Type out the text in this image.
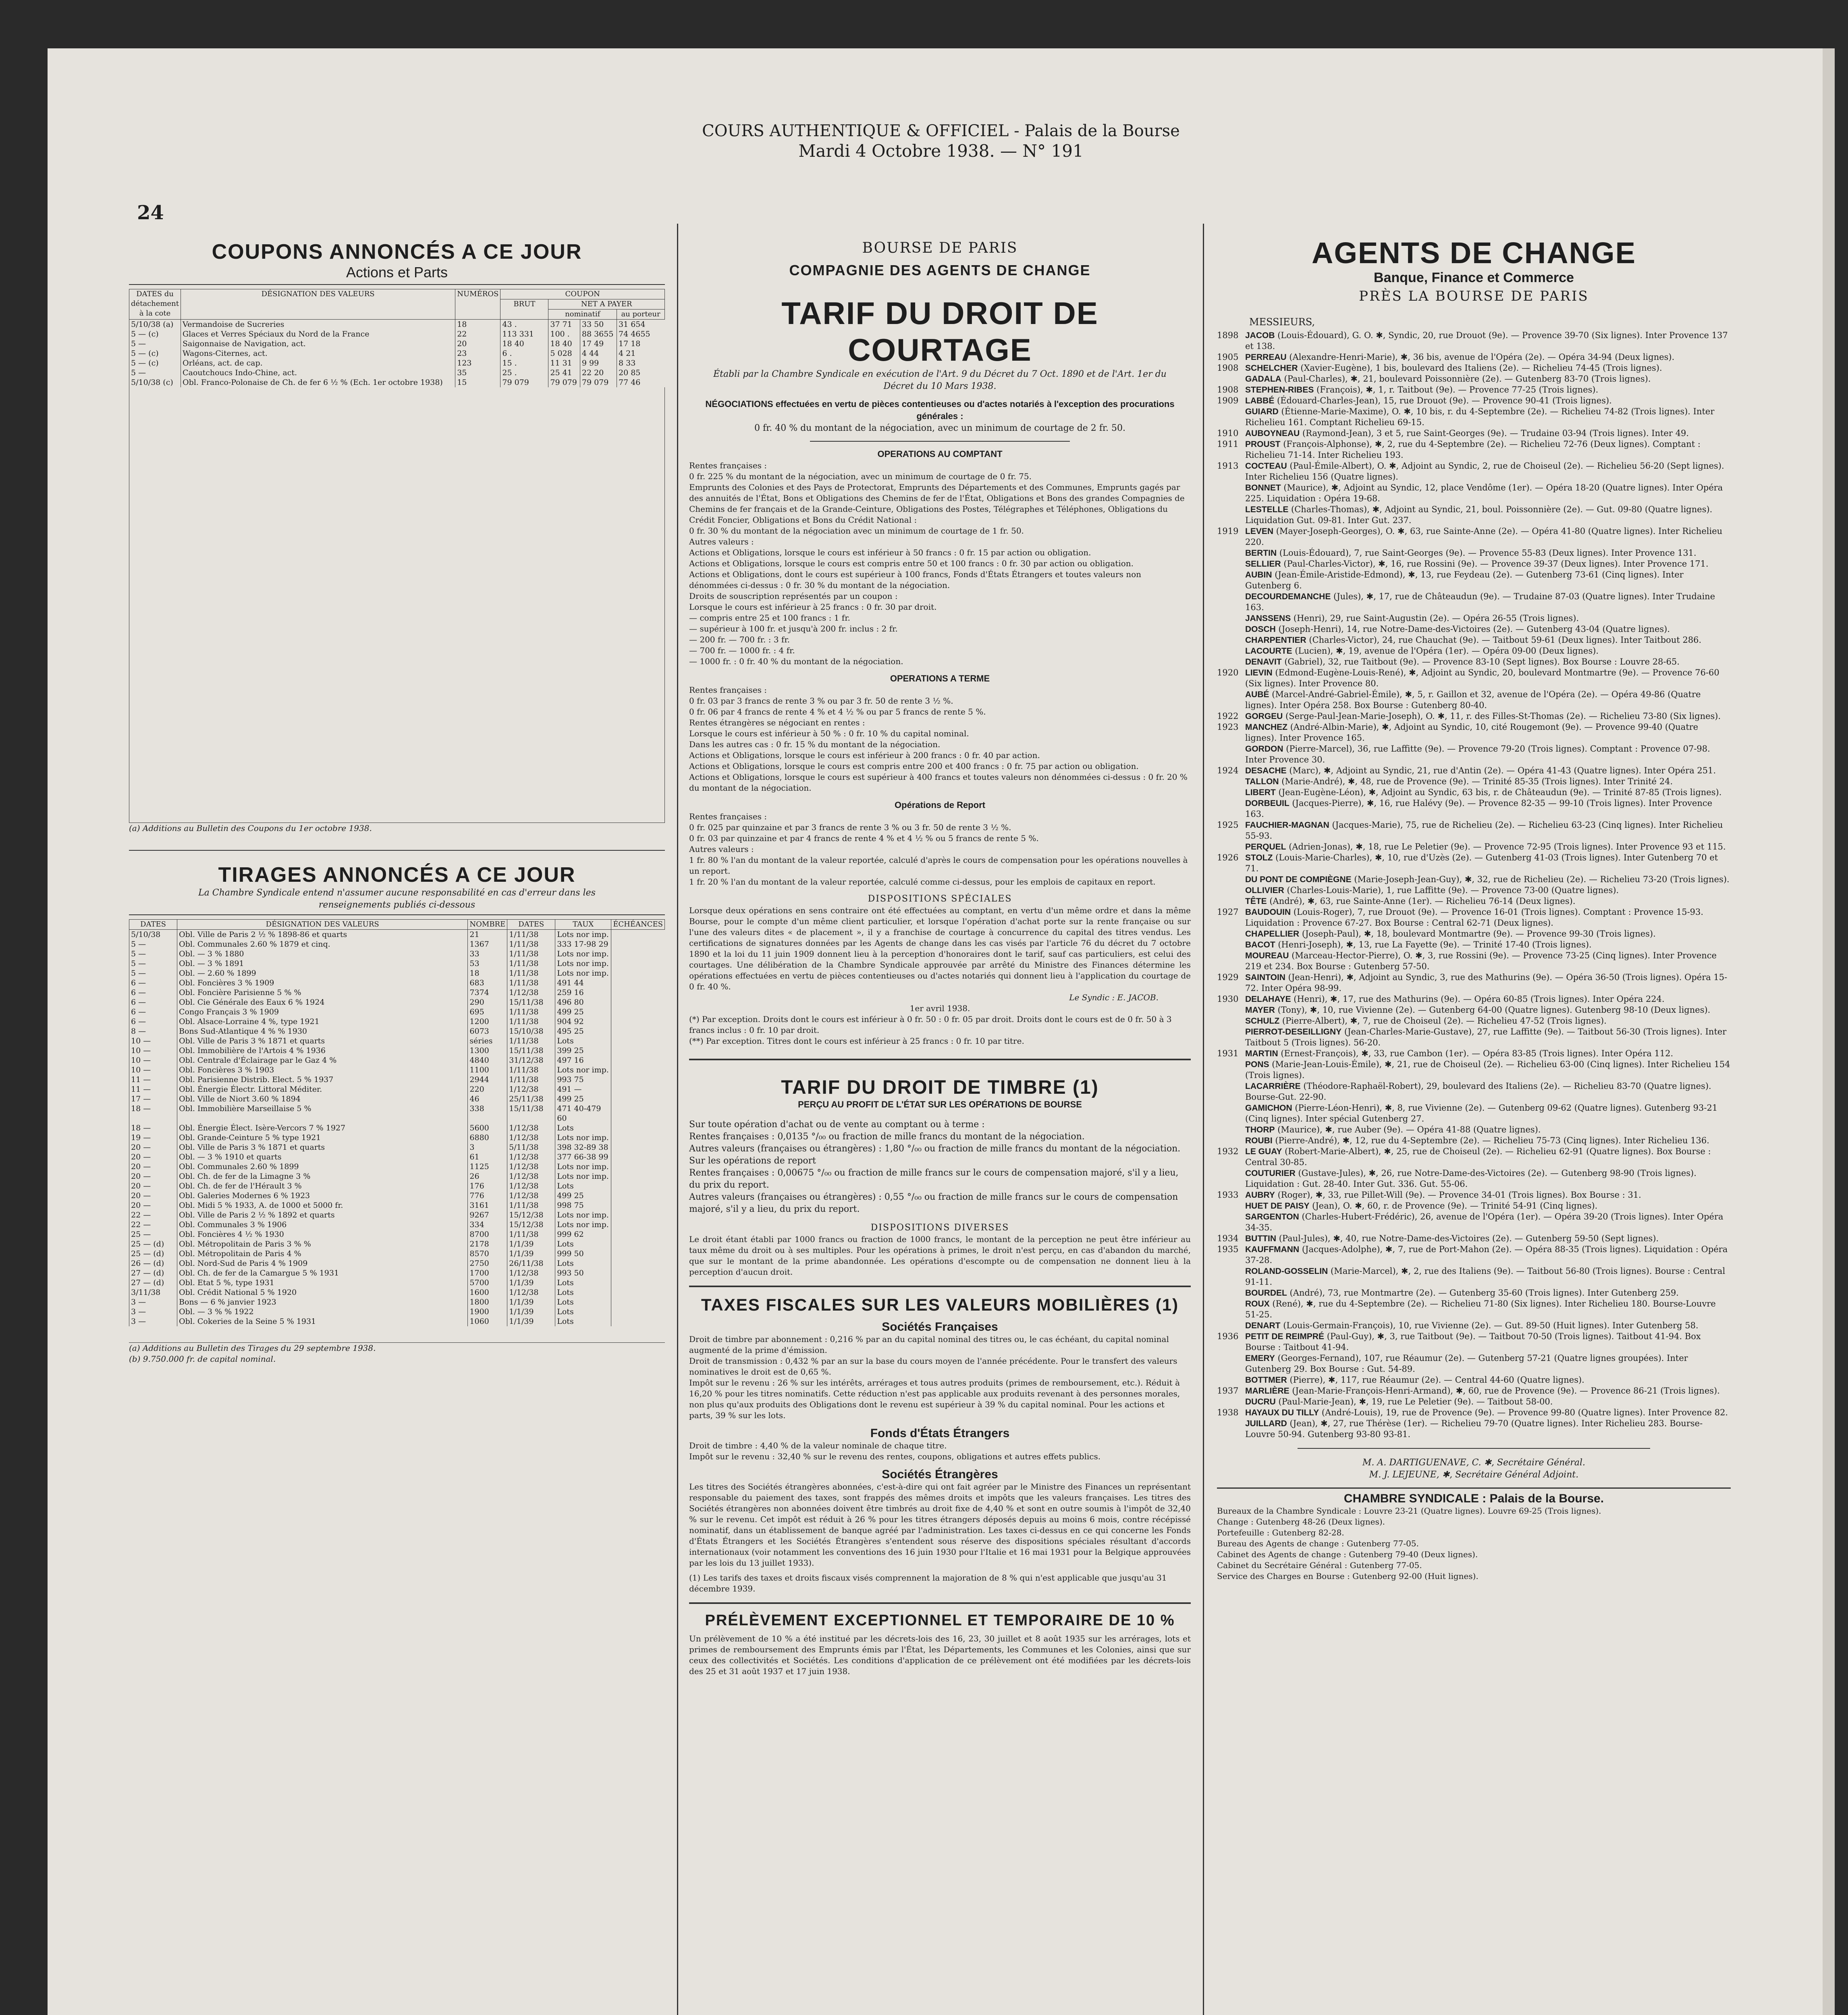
COURS AUTHENTIQUE & OFFICIEL - Palais de la Bourse
Mardi 4 Octobre 1938. — N° 191
24
COUPONS ANNONCÉS A CE JOUR
Actions et Parts
DATES du détachement à la cote	DÉSIGNATION DES VALEURS	NUMÉROS	COUPON			
			BRUT	NET A PAYER		
				nominatif		au porteur
5/10/38 (a)	Vermandoise de Sucreries	18	43 .	37 71	33 50	31 654
5 — (c)	Glaces et Verres Spéciaux du Nord de la France	22	113 331	100 .	88 3655	74 4655
5 —	Saigonnaise de Navigation, act.	20	18 40	18 40	17 49	17 18
5 — (c)	Wagons-Citernes, act.	23	6 .	5 028	4 44	4 21
5 — (c)	Orléans, act. de cap.	123	15 .	11 31	9 99	8 33
5 —	Caoutchoucs Indo-Chine, act.	35	25 .	25 41	22 20	20 85
5/10/38 (c)	Obl. Franco-Polonaise de Ch. de fer 6 ½ % (Ech. 1er octobre 1938)	15	79 079	79 079	79 079	77 46
(a) Additions au Bulletin des Coupons du 1er octobre 1938.
TIRAGES ANNONCÉS A CE JOUR
La Chambre Syndicale entend n'assumer aucune responsabilité en cas d'erreur dans les renseignements publiés ci-dessous
DATES	DÉSIGNATION DES VALEURS	NOMBRE	DATES	TAUX	ÉCHÉANCES
5/10/38	Obl. Ville de Paris 2 ½ % 1898-86 et quarts	21	1/11/38	Lots nor imp.	
5 —	Obl. Communales 2.60 % 1879 et cinq.	1367	1/11/38	333 17-98 29	
5 —	Obl. — 3 % 1880	33	1/11/38	Lots nor imp.	
5 —	Obl. — 3 % 1891	53	1/11/38	Lots nor imp.	
5 —	Obl. — 2.60 % 1899	18	1/11/38	Lots nor imp.	
6 —	Obl. Foncières 3 % 1909	683	1/11/38	491 44	
6 —	Obl. Foncière Parisienne 5 % %	7374	1/12/38	259 16	
6 —	Obl. Cie Générale des Eaux 6 % 1924	290	15/11/38	496 80	
6 —	Congo Français 3 % 1909	695	1/11/38	499 25	
6 —	Obl. Alsace-Lorraine 4 %, type 1921	1200	1/11/38	904 92	
8 —	Bons Sud-Atlantique 4 % % 1930	6073	15/10/38	495 25	
10 —	Obl. Ville de Paris 3 % 1871 et quarts	séries	1/11/38	Lots	
10 —	Obl. Immobilière de l'Artois 4 % 1936	1300	15/11/38	399 25	
10 —	Obl. Centrale d'Éclairage par le Gaz 4 %	4840	31/12/38	497 16	
10 —	Obl. Foncières 3 % 1903	1100	1/11/38	Lots nor imp.	
11 —	Obl. Parisienne Distrib. Elect. 5 % 1937	2944	1/11/38	993 75	
11 —	Obl. Énergie Électr. Littoral Méditer.	220	1/12/38	491 —	
17 —	Obl. Ville de Niort 3.60 % 1894	46	25/11/38	499 25	
18 —	Obl. Immobilière Marseillaise 5 %	338	15/11/38	471 40-479 60	
18 —	Obl. Énergie Élect. Isère-Vercors 7 % 1927	5600	1/12/38	Lots	
19 —	Obl. Grande-Ceinture 5 % type 1921	6880	1/12/38	Lots nor imp.	
20 —	Obl. Ville de Paris 3 % 1871 et quarts	3	5/11/38	398 32-89 38	
20 —	Obl. — 3 % 1910 et quarts	61	1/12/38	377 66-38 99	
20 —	Obl. Communales 2.60 % 1899	1125	1/12/38	Lots nor imp.	
20 —	Obl. Ch. de fer de la Limagne 3 %	26	1/12/38	Lots nor imp.	
20 —	Obl. Ch. de fer de l'Hérault 3 %	176	1/12/38	Lots	
20 —	Obl. Galeries Modernes 6 % 1923	776	1/12/38	499 25	
20 —	Obl. Midi 5 % 1933, A. de 1000 et 5000 fr.	3161	1/11/38	998 75	
22 —	Obl. Ville de Paris 2 ½ % 1892 et quarts	9267	15/12/38	Lots nor imp.	
22 —	Obl. Communales 3 % 1906	334	15/12/38	Lots nor imp.	
25 —	Obl. Foncières 4 ½ % 1930	8700	1/11/38	999 62	
25 — (d)	Obl. Métropolitain de Paris 3 % %	2178	1/1/39	Lots	
25 — (d)	Obl. Métropolitain de Paris 4 %	8570	1/1/39	999 50	
26 — (d)	Obl. Nord-Sud de Paris 4 % 1909	2750	26/11/38	Lots	
27 — (d)	Obl. Ch. de fer de la Camargue 5 % 1931	1700	1/12/38	993 50	
27 — (d)	Obl. Etat 5 %, type 1931	5700	1/1/39	Lots	
3/11/38	Obl. Crédit National 5 % 1920	1600	1/12/38	Lots	
3 —	Bons — 6 % janvier 1923	1800	1/1/39	Lots	
3 —	Obl. — 3 % % 1922	1900	1/1/39	Lots	
3 —	Obl. Cokeries de la Seine 5 % 1931	1060	1/1/39	Lots	
(a) Additions au Bulletin des Tirages du 29 septembre 1938.
(b) 9.750.000 fr. de capital nominal.
BOURSE DE PARIS
COMPAGNIE DES AGENTS DE CHANGE
TARIF DU DROIT DE COURTAGE
Établi par la Chambre Syndicale en exécution de l'Art. 9 du Décret du 7 Oct. 1890 et de l'Art. 1er du Décret du 10 Mars 1938.
NÉGOCIATIONS effectuées en vertu de pièces contentieuses ou d'actes notariés à l'exception des procurations générales :
0 fr. 40 % du montant de la négociation, avec un minimum de courtage de 2 fr. 50.
OPERATIONS AU COMPTANT
Rentes françaises :
0 fr. 225 % du montant de la négociation, avec un minimum de courtage de 0 fr. 75.
Emprunts des Colonies et des Pays de Protectorat, Emprunts des Départements et des Communes, Emprunts gagés par des annuités de l'État, Bons et Obligations des Chemins de fer de l'État, Obligations et Bons des grandes Compagnies de Chemins de fer français et de la Grande-Ceinture, Obligations des Postes, Télégraphes et Téléphones, Obligations du Crédit Foncier, Obligations et Bons du Crédit National :
0 fr. 30 % du montant de la négociation avec un minimum de courtage de 1 fr. 50.
Autres valeurs :
Actions et Obligations, lorsque le cours est inférieur à 50 francs : 0 fr. 15 par action ou obligation.
Actions et Obligations, lorsque le cours est compris entre 50 et 100 francs : 0 fr. 30 par action ou obligation.
Actions et Obligations, dont le cours est supérieur à 100 francs, Fonds d'États Étrangers et toutes valeurs non dénommées ci-dessus : 0 fr. 30 % du montant de la négociation.
Droits de souscription représentés par un coupon :
Lorsque le cours est inférieur à 25 francs : 0 fr. 30 par droit.
— compris entre 25 et 100 francs : 1 fr.
— supérieur à 100 fr. et jusqu'à 200 fr. inclus : 2 fr.
— 200 fr. — 700 fr. : 3 fr.
— 700 fr. — 1000 fr. : 4 fr.
— 1000 fr. : 0 fr. 40 % du montant de la négociation.
OPERATIONS A TERME
Rentes françaises :
0 fr. 03 par 3 francs de rente 3 % ou par 3 fr. 50 de rente 3 ½ %.
0 fr. 06 par 4 francs de rente 4 % et 4 ½ % ou par 5 francs de rente 5 %.
Rentes étrangères se négociant en rentes :
Lorsque le cours est inférieur à 50 % : 0 fr. 10 % du capital nominal.
Dans les autres cas : 0 fr. 15 % du montant de la négociation.
Actions et Obligations, lorsque le cours est inférieur à 200 francs : 0 fr. 40 par action.
Actions et Obligations, lorsque le cours est compris entre 200 et 400 francs : 0 fr. 75 par action ou obligation.
Actions et Obligations, lorsque le cours est supérieur à 400 francs et toutes valeurs non dénommées ci-dessus : 0 fr. 20 % du montant de la négociation.
Opérations de Report
Rentes françaises :
0 fr. 025 par quinzaine et par 3 francs de rente 3 % ou 3 fr. 50 de rente 3 ½ %.
0 fr. 03 par quinzaine et par 4 francs de rente 4 % et 4 ½ % ou 5 francs de rente 5 %.
Autres valeurs :
1 fr. 80 % l'an du montant de la valeur reportée, calculé d'après le cours de compensation pour les opérations nouvelles à un report.
1 fr. 20 % l'an du montant de la valeur reportée, calculé comme ci-dessus, pour les emplois de capitaux en report.
DISPOSITIONS SPÉCIALES
Lorsque deux opérations en sens contraire ont été effectuées au comptant, en vertu d'un même ordre et dans la même Bourse, pour le compte d'un même client particulier, et lorsque l'opération d'achat porte sur la rente française ou sur l'une des valeurs dites « de placement », il y a franchise de courtage à concurrence du capital des titres vendus. Les certifications de signatures données par les Agents de change dans les cas visés par l'article 76 du décret du 7 octobre 1890 et la loi du 11 juin 1909 donnent lieu à la perception d'honoraires dont le tarif, sauf cas particuliers, est celui des courtages. Une délibération de la Chambre Syndicale approuvée par arrêté du Ministre des Finances détermine les opérations effectuées en vertu de pièces contentieuses ou d'actes notariés qui donnent lieu à l'application du courtage de 0 fr. 40 %.
Le Syndic : E. JACOB.
1er avril 1938.
(*) Par exception. Droits dont le cours est inférieur à 0 fr. 50 : 0 fr. 05 par droit. Droits dont le cours est de 0 fr. 50 à 3 francs inclus : 0 fr. 10 par droit.
(**) Par exception. Titres dont le cours est inférieur à 25 francs : 0 fr. 10 par titre.
TARIF DU DROIT DE TIMBRE (1)
PERÇU AU PROFIT DE L'ÉTAT SUR LES OPÉRATIONS DE BOURSE
Sur toute opération d'achat ou de vente au comptant ou à terme :
Rentes françaises : 0,0135 °/₀₀ ou fraction de mille francs du montant de la négociation.
Autres valeurs (françaises ou étrangères) : 1,80 °/₀₀ ou fraction de mille francs du montant de la négociation.
Sur les opérations de report
Rentes françaises : 0,00675 °/₀₀ ou fraction de mille francs sur le cours de compensation majoré, s'il y a lieu, du prix du report.
Autres valeurs (françaises ou étrangères) : 0,55 °/₀₀ ou fraction de mille francs sur le cours de compensation majoré, s'il y a lieu, du prix du report.
DISPOSITIONS DIVERSES
Le droit étant établi par 1000 francs ou fraction de 1000 francs, le montant de la perception ne peut être inférieur au taux même du droit ou à ses multiples. Pour les opérations à primes, le droit n'est perçu, en cas d'abandon du marché, que sur le montant de la prime abandonnée. Les opérations d'escompte ou de compensation ne donnent lieu à la perception d'aucun droit.
TAXES FISCALES SUR LES VALEURS MOBILIÈRES (1)
Sociétés Françaises
Droit de timbre par abonnement : 0,216 % par an du capital nominal des titres ou, le cas échéant, du capital nominal augmenté de la prime d'émission.
Droit de transmission : 0,432 % par an sur la base du cours moyen de l'année précédente. Pour le transfert des valeurs nominatives le droit est de 0,65 %.
Impôt sur le revenu : 26 % sur les intérêts, arrérages et tous autres produits (primes de remboursement, etc.). Réduit à 16,20 % pour les titres nominatifs. Cette réduction n'est pas applicable aux produits revenant à des personnes morales, non plus qu'aux produits des Obligations dont le revenu est supérieur à 39 % du capital nominal. Pour les actions et parts, 39 % sur les lots.
Fonds d'États Étrangers
Droit de timbre : 4,40 % de la valeur nominale de chaque titre.
Impôt sur le revenu : 32,40 % sur le revenu des rentes, coupons, obligations et autres effets publics.
Sociétés Étrangères
Les titres des Sociétés étrangères abonnées, c'est-à-dire qui ont fait agréer par le Ministre des Finances un représentant responsable du paiement des taxes, sont frappés des mêmes droits et impôts que les valeurs françaises. Les titres des Sociétés étrangères non abonnées doivent être timbrés au droit fixe de 4,40 % et sont en outre soumis à l'impôt de 32,40 % sur le revenu. Cet impôt est réduit à 26 % pour les titres étrangers déposés depuis au moins 6 mois, contre récépissé nominatif, dans un établissement de banque agréé par l'administration. Les taxes ci-dessus en ce qui concerne les Fonds d'États Étrangers et les Sociétés Étrangères s'entendent sous réserve des dispositions spéciales résultant d'accords internationaux (voir notamment les conventions des 16 juin 1930 pour l'Italie et 16 mai 1931 pour la Belgique approuvées par les lois du 13 juillet 1933).
(1) Les tarifs des taxes et droits fiscaux visés comprennent la majoration de 8 % qui n'est applicable que jusqu'au 31 décembre 1939.
PRÉLÈVEMENT EXCEPTIONNEL ET TEMPORAIRE DE 10 %
Un prélèvement de 10 % a été institué par les décrets-lois des 16, 23, 30 juillet et 8 août 1935 sur les arrérages, lots et primes de remboursement des Emprunts émis par l'État, les Départements, les Communes et les Colonies, ainsi que sur ceux des collectivités et Sociétés. Les conditions d'application de ce prélèvement ont été modifiées par les décrets-lois des 25 et 31 août 1937 et 17 juin 1938.
AGENTS DE CHANGE
Banque, Finance et Commerce
PRÈS LA BOURSE DE PARIS
MESSIEURS,
1898 JACOB (Louis-Édouard), G. O. ✱, Syndic, 20, rue Drouot (9e). — Provence 39-70 (Six lignes). Inter Provence 137 et 138.
1905 PERREAU (Alexandre-Henri-Marie), ✱, 36 bis, avenue de l'Opéra (2e). — Opéra 34-94 (Deux lignes).
1908 SCHELCHER (Xavier-Eugène), 1 bis, boulevard des Italiens (2e). — Richelieu 74-45 (Trois lignes).
GADALA (Paul-Charles), ✱, 21, boulevard Poissonnière (2e). — Gutenberg 83-70 (Trois lignes).
1908 STEPHEN-RIBES (François), ✱, 1, r. Taitbout (9e). — Provence 77-25 (Trois lignes).
1909 LABBÉ (Édouard-Charles-Jean), 15, rue Drouot (9e). — Provence 90-41 (Trois lignes).
GUIARD (Étienne-Marie-Maxime), O. ✱, 10 bis, r. du 4-Septembre (2e). — Richelieu 74-82 (Trois lignes). Inter Richelieu 161. Comptant Richelieu 69-15.
1910 AUBOYNEAU (Raymond-Jean), 3 et 5, rue Saint-Georges (9e). — Trudaine 03-94 (Trois lignes). Inter 49.
1911 PROUST (François-Alphonse), ✱, 2, rue du 4-Septembre (2e). — Richelieu 72-76 (Deux lignes). Comptant : Richelieu 71-14. Inter Richelieu 193.
1913 COCTEAU (Paul-Émile-Albert), O. ✱, Adjoint au Syndic, 2, rue de Choiseul (2e). — Richelieu 56-20 (Sept lignes). Inter Richelieu 156 (Quatre lignes).
BONNET (Maurice), ✱, Adjoint au Syndic, 12, place Vendôme (1er). — Opéra 18-20 (Quatre lignes). Inter Opéra 225. Liquidation : Opéra 19-68.
LESTELLE (Charles-Thomas), ✱, Adjoint au Syndic, 21, boul. Poissonnière (2e). — Gut. 09-80 (Quatre lignes). Liquidation Gut. 09-81. Inter Gut. 237.
1919 LEVEN (Mayer-Joseph-Georges), O. ✱, 63, rue Sainte-Anne (2e). — Opéra 41-80 (Quatre lignes). Inter Richelieu 220.
BERTIN (Louis-Édouard), 7, rue Saint-Georges (9e). — Provence 55-83 (Deux lignes). Inter Provence 131.
SELLIER (Paul-Charles-Victor), ✱, 16, rue Rossini (9e). — Provence 39-37 (Deux lignes). Inter Provence 171.
AUBIN (Jean-Émile-Aristide-Edmond), ✱, 13, rue Feydeau (2e). — Gutenberg 73-61 (Cinq lignes). Inter Gutenberg 6.
DECOURDEMANCHE (Jules), ✱, 17, rue de Châteaudun (9e). — Trudaine 87-03 (Quatre lignes). Inter Trudaine 163.
JANSSENS (Henri), 29, rue Saint-Augustin (2e). — Opéra 26-55 (Trois lignes).
DOSCH (Joseph-Henri), 14, rue Notre-Dame-des-Victoires (2e). — Gutenberg 43-04 (Quatre lignes).
CHARPENTIER (Charles-Victor), 24, rue Chauchat (9e). — Taitbout 59-61 (Deux lignes). Inter Taitbout 286.
LACOURTE (Lucien), ✱, 19, avenue de l'Opéra (1er). — Opéra 09-00 (Deux lignes).
DENAVIT (Gabriel), 32, rue Taitbout (9e). — Provence 83-10 (Sept lignes). Box Bourse : Louvre 28-65.
1920 LIEVIN (Edmond-Eugène-Louis-René), ✱, Adjoint au Syndic, 20, boulevard Montmartre (9e). — Provence 76-60 (Six lignes). Inter Provence 80.
AUBÉ (Marcel-André-Gabriel-Émile), ✱, 5, r. Gaillon et 32, avenue de l'Opéra (2e). — Opéra 49-86 (Quatre lignes). Inter Opéra 258. Box Bourse : Gutenberg 80-40.
1922 GORGEU (Serge-Paul-Jean-Marie-Joseph), O. ✱, 11, r. des Filles-St-Thomas (2e). — Richelieu 73-80 (Six lignes).
1923 MANCHEZ (André-Albin-Marie), ✱, Adjoint au Syndic, 10, cité Rougemont (9e). — Provence 99-40 (Quatre lignes). Inter Provence 165.
GORDON (Pierre-Marcel), 36, rue Laffitte (9e). — Provence 79-20 (Trois lignes). Comptant : Provence 07-98. Inter Provence 30.
1924 DESACHE (Marc), ✱, Adjoint au Syndic, 21, rue d'Antin (2e). — Opéra 41-43 (Quatre lignes). Inter Opéra 251.
TALLON (Marie-André), ✱, 48, rue de Provence (9e). — Trinité 85-35 (Trois lignes). Inter Trinité 24.
LIBERT (Jean-Eugène-Léon), ✱, Adjoint au Syndic, 63 bis, r. de Châteaudun (9e). — Trinité 87-85 (Trois lignes).
DORBEUIL (Jacques-Pierre), ✱, 16, rue Halévy (9e). — Provence 82-35 — 99-10 (Trois lignes). Inter Provence 163.
1925 FAUCHIER-MAGNAN (Jacques-Marie), 75, rue de Richelieu (2e). — Richelieu 63-23 (Cinq lignes). Inter Richelieu 55-93.
PERQUEL (Adrien-Jonas), ✱, 18, rue Le Peletier (9e). — Provence 72-95 (Trois lignes). Inter Provence 93 et 115.
1926 STOLZ (Louis-Marie-Charles), ✱, 10, rue d'Uzès (2e). — Gutenberg 41-03 (Trois lignes). Inter Gutenberg 70 et 71.
DU PONT DE COMPIÈGNE (Marie-Joseph-Jean-Guy), ✱, 32, rue de Richelieu (2e). — Richelieu 73-20 (Trois lignes).
OLLIVIER (Charles-Louis-Marie), 1, rue Laffitte (9e). — Provence 73-00 (Quatre lignes).
TÊTE (André), ✱, 63, rue Sainte-Anne (1er). — Richelieu 76-14 (Deux lignes).
1927 BAUDOUIN (Louis-Roger), 7, rue Drouot (9e). — Provence 16-01 (Trois lignes). Comptant : Provence 15-93. Liquidation : Provence 67-27. Box Bourse : Central 62-71 (Deux lignes).
CHAPELLIER (Joseph-Paul), ✱, 18, boulevard Montmartre (9e). — Provence 99-30 (Trois lignes).
BACOT (Henri-Joseph), ✱, 13, rue La Fayette (9e). — Trinité 17-40 (Trois lignes).
MOUREAU (Marceau-Hector-Pierre), O. ✱, 3, rue Rossini (9e). — Provence 73-25 (Cinq lignes). Inter Provence 219 et 234. Box Bourse : Gutenberg 57-50.
1929 SAINTOIN (Jean-Henri), ✱, Adjoint au Syndic, 3, rue des Mathurins (9e). — Opéra 36-50 (Trois lignes). Opéra 15-72. Inter Opéra 98-99.
1930 DELAHAYE (Henri), ✱, 17, rue des Mathurins (9e). — Opéra 60-85 (Trois lignes). Inter Opéra 224.
MAYER (Tony), ✱, 10, rue Vivienne (2e). — Gutenberg 64-00 (Quatre lignes). Gutenberg 98-10 (Deux lignes).
SCHULZ (Pierre-Albert), ✱, 7, rue de Choiseul (2e). — Richelieu 47-52 (Trois lignes).
PIERROT-DESEILLIGNY (Jean-Charles-Marie-Gustave), 27, rue Laffitte (9e). — Taitbout 56-30 (Trois lignes). Inter Taitbout 5 (Trois lignes). 56-20.
1931 MARTIN (Ernest-François), ✱, 33, rue Cambon (1er). — Opéra 83-85 (Trois lignes). Inter Opéra 112.
PONS (Marie-Jean-Louis-Émile), ✱, 21, rue de Choiseul (2e). — Richelieu 63-00 (Cinq lignes). Inter Richelieu 154 (Trois lignes).
LACARRIÈRE (Théodore-Raphaël-Robert), 29, boulevard des Italiens (2e). — Richelieu 83-70 (Quatre lignes). Bourse-Gut. 22-90.
GAMICHON (Pierre-Léon-Henri), ✱, 8, rue Vivienne (2e). — Gutenberg 09-62 (Quatre lignes). Gutenberg 93-21 (Cinq lignes). Inter spécial Gutenberg 27.
THORP (Maurice), ✱, rue Auber (9e). — Opéra 41-88 (Quatre lignes).
ROUBI (Pierre-André), ✱, 12, rue du 4-Septembre (2e). — Richelieu 75-73 (Cinq lignes). Inter Richelieu 136.
1932 LE GUAY (Robert-Marie-Albert), ✱, 25, rue de Choiseul (2e). — Richelieu 62-91 (Quatre lignes). Box Bourse : Central 30-85.
COUTURIER (Gustave-Jules), ✱, 26, rue Notre-Dame-des-Victoires (2e). — Gutenberg 98-90 (Trois lignes). Liquidation : Gut. 28-40. Inter Gut. 336. Gut. 55-06.
1933 AUBRY (Roger), ✱, 33, rue Pillet-Will (9e). — Provence 34-01 (Trois lignes). Box Bourse : 31.
HUET DE PAISY (Jean), O. ✱, 60, r. de Provence (9e). — Trinité 54-91 (Cinq lignes).
SARGENTON (Charles-Hubert-Frédéric), 26, avenue de l'Opéra (1er). — Opéra 39-20 (Trois lignes). Inter Opéra 34-35.
1934 BUTTIN (Paul-Jules), ✱, 40, rue Notre-Dame-des-Victoires (2e). — Gutenberg 59-50 (Sept lignes).
1935 KAUFFMANN (Jacques-Adolphe), ✱, 7, rue de Port-Mahon (2e). — Opéra 88-35 (Trois lignes). Liquidation : Opéra 37-28.
ROLAND-GOSSELIN (Marie-Marcel), ✱, 2, rue des Italiens (9e). — Taitbout 56-80 (Trois lignes). Bourse : Central 91-11.
BOURDEL (André), 73, rue Montmartre (2e). — Gutenberg 35-60 (Trois lignes). Inter Gutenberg 259.
ROUX (René), ✱, rue du 4-Septembre (2e). — Richelieu 71-80 (Six lignes). Inter Richelieu 180. Bourse-Louvre 51-25.
DENART (Louis-Germain-François), 10, rue Vivienne (2e). — Gut. 89-50 (Huit lignes). Inter Gutenberg 58.
1936 PETIT DE REIMPRÉ (Paul-Guy), ✱, 3, rue Taitbout (9e). — Taitbout 70-50 (Trois lignes). Taitbout 41-94. Box Bourse : Taitbout 41-94.
EMERY (Georges-Fernand), 107, rue Réaumur (2e). — Gutenberg 57-21 (Quatre lignes groupées). Inter Gutenberg 29. Box Bourse : Gut. 54-89.
BOTTMER (Pierre), ✱, 117, rue Réaumur (2e). — Central 44-60 (Quatre lignes).
1937 MARLIÈRE (Jean-Marie-François-Henri-Armand), ✱, 60, rue de Provence (9e). — Provence 86-21 (Trois lignes).
DUCRU (Paul-Marie-Jean), ✱, 19, rue Le Peletier (9e). — Taitbout 58-00.
1938 HAYAUX DU TILLY (André-Louis), 19, rue de Provence (9e). — Provence 99-80 (Quatre lignes). Inter Provence 82.
JUILLARD (Jean), ✱, 27, rue Thérèse (1er). — Richelieu 79-70 (Quatre lignes). Inter Richelieu 283. Bourse-Louvre 50-94. Gutenberg 93-80 93-81.
M. A. DARTIGUENAVE, C. ✱, Secrétaire Général.
M. J. LEJEUNE, ✱, Secrétaire Général Adjoint.
CHAMBRE SYNDICALE : Palais de la Bourse.
Bureaux de la Chambre Syndicale : Louvre 23-21 (Quatre lignes). Louvre 69-25 (Trois lignes).
Change : Gutenberg 48-26 (Deux lignes).
Portefeuille : Gutenberg 82-28.
Bureau des Agents de change : Gutenberg 77-05.
Cabinet des Agents de change : Gutenberg 79-40 (Deux lignes).
Cabinet du Secrétaire Général : Gutenberg 77-05.
Service des Charges en Bourse : Gutenberg 92-00 (Huit lignes).
